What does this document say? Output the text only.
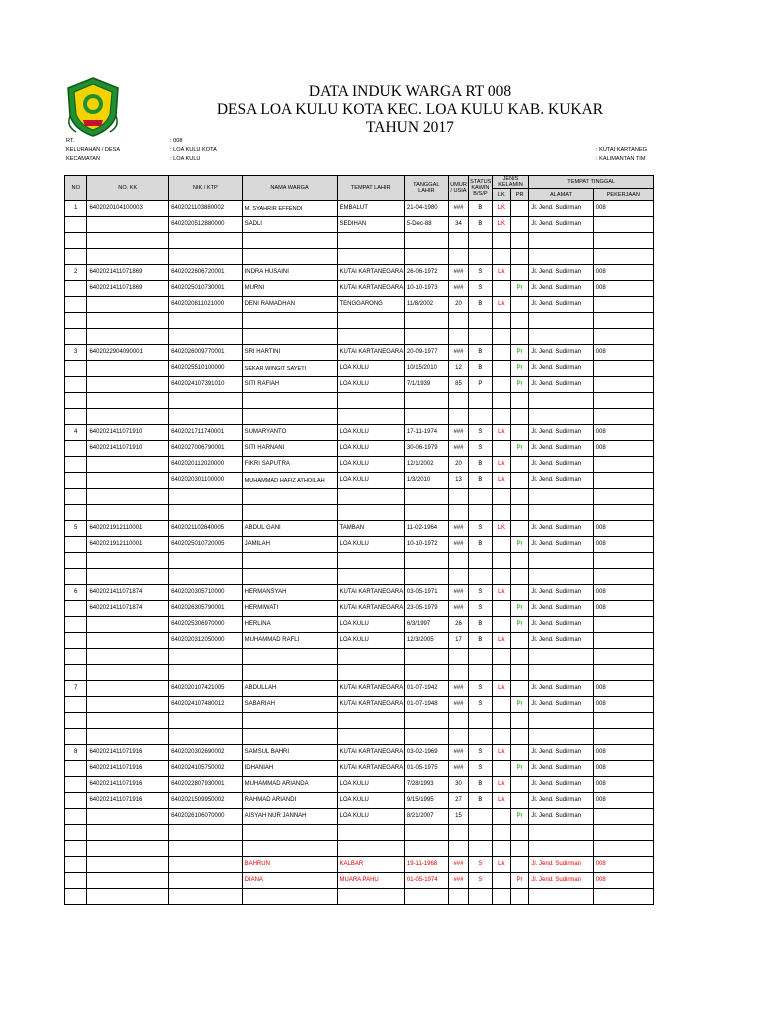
DATA INDUK WARGA RT 008
DESA LOA KULU KOTA KEC. LOA KULU KAB. KUKAR
TAHUN 2017
RT.	: 008
KELURAHAN / DESA	: LOA KULU KOTA
KECAMATAN	: LOA KULU
: KUTAI KARTANEG
: KALIMANTAN TIM
NO	NO. KK	NIK / KTP	NAMA WARGA	TEMPAT LAHIR	TANGGAL LAHIR	UMUR / USIA	STATUS KAWIN B/S/P	JENIS KELAMIN		TEMPAT TINGGAL	
								LK	PR	ALAMAT	PEKERJAAN
1	6402020104100003	6402021103880002	M. SYAHRIR EFFENDI	EMBALUT	21-04-1980	###	B	LK		Jl. Jend. Sudirman	008
		6402020512880000	SADLI	SEDIHAN	5-Dec-88	34	B	LK		Jl. Jend. Sudirman	

2	6402021411071869	6402022606720001	INDRA HUSAINI	KUTAI KARTANEGARA	26-06-1972	###	S	Lk		Jl. Jend. Sudirman	008
	6402021411071869	6402025010730001	MURNI	KUTAI KARTANEGARA	10-10-1973	###	S		Pr	Jl. Jend. Sudirman	008
		6402020811021000	DENI RAMADHAN	TENGGARONG	11/8/2002	20	B	Lk		Jl. Jend. Sudirman	

3	6402022904090001	6402026009770001	SRI HARTINI	KUTAI KARTANEGARA	20-09-1977	###	B		Pr	Jl. Jend. Sudirman	008
		6402025510100000	SEKAR WINGIT SAYETI	LOA KULU	10/15/2010	12	B		Pr	Jl. Jend. Sudirman	
		6402024107391010	SITI RAFIAH	LOA KULU	7/1/1939	85	P		Pr	Jl. Jend. Sudirman	

4	6402021411071910	6402021711740001	SUMARYANTO	LOA KULU	17-11-1974	###	S	Lk		Jl. Jend. Sudirman	008
	6402021411071910	6402027006790001	SITI HARNANI	LOA KULU	30-06-1979	###	S		Pr	Jl. Jend. Sudirman	008
		6402020112020000	FIKRI SAPUTRA	LOA KULU	12/1/2002	20	B	Lk		Jl. Jend. Sudirman	
		6402020301100000	MUHAMMAD HAFIZ ATHOILAH	LOA KULU	1/3/2010	13	B	Lk		Jl. Jend. Sudirman	

5	6402021912110001	6402021102640005	ABDUL GANI	TAMBAN	11-02-1964	###	S	LK		Jl. Jend. Sudirman	008
	6402021912110001	6402025010720005	JAMILAH	LOA KULU	10-10-1972	###	B		Pr	Jl. Jend. Sudirman	008

6	6402021411071874	6402020305710000	HERMANSYAH	KUTAI KARTANEGARA	03-05-1971	###	S	Lk		Jl. Jend. Sudirman	008
	6402021411071874	6402026305790001	HERMIWATI	KUTAI KARTANEGARA	23-05-1979	###	S		Pr	Jl. Jend. Sudirman	008
		6402025306970000	HERLINA	LOA KULU	6/3/1997	26	B		Pr	Jl. Jend. Sudirman	
		6402020312050000	MUHAMMAD RAFLI	LOA KULU	12/3/2005	17	B	Lk		Jl. Jend. Sudirman	

7		6402020107421005	ABDULLAH	KUTAI KARTANEGARA	01-07-1942	###	S	Lk		Jl. Jend. Sudirman	008
		6402024107480012	SABARIAH	KUTAI KARTANEGARA	01-07-1948	###	S		Pr	Jl. Jend. Sudirman	008

8	6402021411071916	6402020302690002	SAMSUL BAHRI	KUTAI KARTANEGARA	03-02-1969	###	S	Lk		Jl. Jend. Sudirman	008
	6402021411071916	6402024105750002	IDHANIAH	KUTAI KARTANEGARA	01-05-1975	###	S		Pr	Jl. Jend. Sudirman	008
	6402021411071916	6402022807930001	MUHAMMAD ARIANDA	LOA KULU	7/28/1993	30	B	Lk		Jl. Jend. Sudirman	008
	6402021411071916	6402021509950002	RAHMAD ARIANDI	LOA KULU	9/15/1995	27	B	Lk		Jl. Jend. Sudirman	008
		6402026106070000	AISYAH NUR JANNAH	LOA KULU	8/21/2007	15			Pr	Jl. Jend. Sudirman	

			BAHRUN	KALBAR	19-11-1968	###	S	Lk		Jl. Jend. Sudirman	008
			DIANA	MUARA PAHU	01-05-1974	###	S		Pr	Jl. Jend. Sudirman	008
